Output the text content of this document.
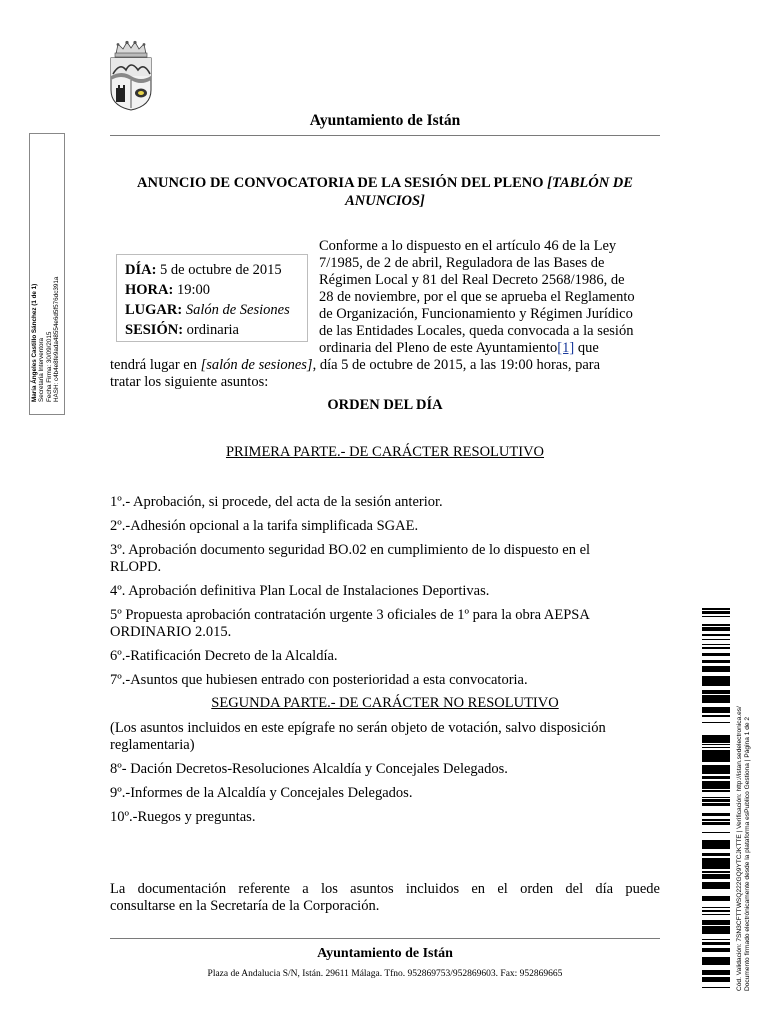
Ayuntamiento de Istán
María Ángeles Castillo Sánchez (1 de 1) Secretaria Interventora Fecha Firma: 30/09/2015 HASH: c4b4e8fe9ada48554e6d5f576dc391a
ANUNCIO DE CONVOCATORIA DE LA SESIÓN DEL PLENO [TABLÓN DE
ANUNCIOS]
DÍA: 5 de octubre de 2015
HORA: 19:00
LUGAR: Salón de Sesiones
SESIÓN: ordinaria
Conforme a lo dispuesto en el artículo 46 de la Ley
7/1985, de 2 de abril, Reguladora de las Bases de
Régimen Local y 81 del Real Decreto 2568/1986, de
28 de noviembre, por el que se aprueba el Reglamento
de Organización, Funcionamiento y Régimen Jurídico
de las Entidades Locales, queda convocada a la sesión
ordinaria del Pleno de este Ayuntamiento[1] que
tendrá lugar en [salón de sesiones], día 5 de octubre de 2015, a las 19:00 horas, para
tratar los siguiente asuntos:
ORDEN DEL DÍA
PRIMERA PARTE.- DE CARÁCTER RESOLUTIVO
1º.- Aprobación, si procede, del acta de la sesión anterior.
2º.-Adhesión opcional a la tarifa simplificada SGAE.
3º. Aprobación documento seguridad BO.02 en cumplimiento de lo dispuesto en el
RLOPD.
4º. Aprobación definitiva Plan Local de Instalaciones Deportivas.
5º Propuesta aprobación contratación urgente 3 oficiales de 1º para la obra AEPSA
ORDINARIO 2.015.
6º.-Ratificación Decreto de la Alcaldía.
7º.-Asuntos que hubiesen entrado con posterioridad a esta convocatoria.
SEGUNDA PARTE.- DE CARÁCTER NO RESOLUTIVO
(Los asuntos incluidos en este epígrafe no serán objeto de votación, salvo disposición
reglamentaria)
8º- Dación Decretos-Resoluciones Alcaldía y Concejales Delegados.
9º.-Informes de la Alcaldía y Concejales Delegados.
10º.-Ruegos y preguntas.
La documentación referente a los asuntos incluidos en el orden del día puede
consultarse en la Secretaría de la Corporación.
Ayuntamiento de Istán
Plaza de Andalucia S/N, Istán. 29611 Málaga. Tfno. 952869753/952869603. Fax: 952869665	Cód. Validación: 7SN3CFTTWSQ222GQ9YTCJKTTE | Verificación: http://istan.sedelectronica.es/ Documento firmado electrónicamente desde la plataforma esPublico Gestiona | Página 1 de 2
